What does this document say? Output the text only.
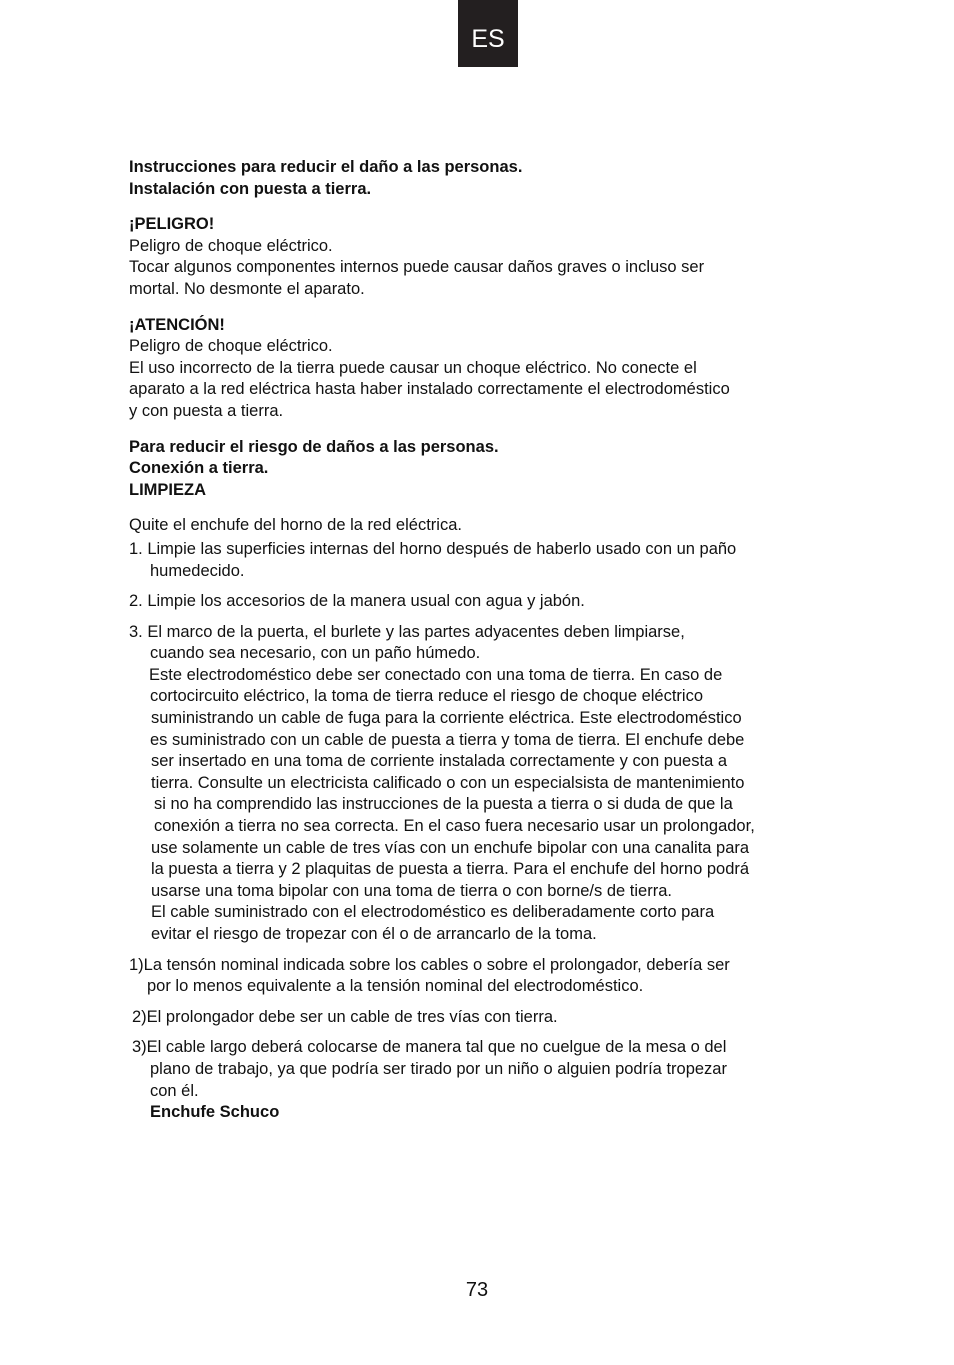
ES
Instrucciones para reducir el daño a las personas.
Instalación con puesta a tierra.
¡PELIGRO!
Peligro de choque eléctrico.
Tocar algunos componentes internos puede causar daños graves o incluso ser
mortal. No desmonte el aparato.
¡ATENCIÓN!
Peligro de choque eléctrico.
El uso incorrecto de la tierra puede causar un choque eléctrico. No conecte el
aparato a la red eléctrica hasta haber instalado correctamente el electrodoméstico
y con puesta a tierra.
Para reducir el riesgo de daños a las personas.
Conexión a tierra.
LIMPIEZA
Quite el enchufe del horno de la red eléctrica.
1. Limpie las superficies internas del horno después de haberlo usado con un paño
humedecido.
2. Limpie los accesorios de la manera usual con agua y jabón.
3. El marco de la puerta, el burlete y las partes adyacentes deben limpiarse,
cuando sea necesario, con un paño húmedo.
Este electrodoméstico debe ser conectado con una toma de tierra. En caso de
cortocircuito eléctrico, la toma de tierra reduce el riesgo de choque eléctrico
suministrando un cable de fuga para la corriente eléctrica. Este electrodoméstico
es suministrado con un cable de puesta a tierra y toma de tierra. El enchufe debe
ser insertado en una toma de corriente instalada correctamente y con puesta a
tierra. Consulte un electricista calificado o con un especialsista de mantenimiento
si no ha comprendido las instrucciones de la puesta a tierra o si duda de que la
conexión a tierra no sea correcta. En el caso fuera necesario usar un prolongador,
use solamente un cable de tres vías con un enchufe bipolar con una canalita para
la puesta a tierra y 2 plaquitas de puesta a tierra. Para el enchufe del horno podrá
usarse una toma bipolar con una toma de tierra o con borne/s de tierra.
El cable suministrado con el electrodoméstico es deliberadamente corto para
evitar el riesgo de tropezar con él o de arrancarlo de la toma.
1)La tensón nominal indicada sobre los cables o sobre el prolongador, debería ser
por lo menos equivalente a la tensión nominal del electrodoméstico.
2)El prolongador debe ser un cable de tres vías con tierra.
3)El cable largo deberá colocarse de manera tal que no cuelgue de la mesa o del
plano de trabajo, ya que podría ser tirado por un niño o alguien podría tropezar
con él.
Enchufe Schuco
73
